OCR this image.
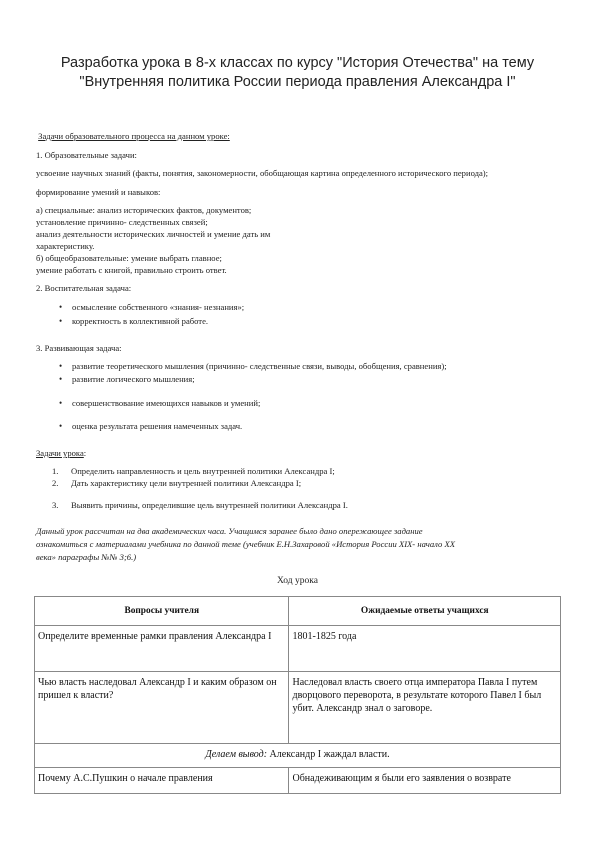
Разработка урока в 8-х классах по курсу "История Отечества" на тему
"Внутренняя политика России периода правления Александра I"
Задачи образовательного процесса на данном уроке:
1. Образовательные задачи:
усвоение научных знаний (факты, понятия, закономерности, обобщающая картина определенного исторического периода);
формирование умений и навыков:
а) специальные: анализ исторических фактов, документов;
установление причинно- следственных связей;
анализ деятельности исторических личностей и умение дать им
характеристику.
б) общеобразовательные: умение выбрать главное;
умение работать с книгой, правильно строить ответ.
2. Воспитательная задача:
• осмысление собственного «знания- незнания»;
• корректность в коллективной работе.
3. Развивающая задача:
• развитие теоретического мышления (причинно- следственные связи, выводы, обобщения, сравнения);
• развитие логического мышления;
• совершенствование имеющихся навыков и умений;
• оценка результата решения намеченных задач.
Задачи урока:
1. Определить направленность и цель внутренней политики Александра I;
2. Дать характеристику цели внутренней политики Александра I;
3. Выявить причины, определившие цель внутренней политики Александра I.
Данный урок рассчитан на два академических часа. Учащимся заранее было дано опережающее задание
ознакомиться с материалами учебника по данной теме (учебник Е.Н.Захаровой «История России XIX- начало XX
века» параграфы №№ 3;6.)
Ход урока
Вопросы учителя	Ожидаемые ответы учащихся
Определите временные рамки правления Александра I	1801-1825 года
Чью власть наследовал Александр I и каким образом он пришел к власти?	Наследовал власть своего отца императора Павла I путем дворцового переворота, в результате которого Павел I был убит. Александр знал о заговоре.
Делаем вывод: Александр I жаждал власти.	
Почему А.С.Пушкин о начале правления	Обнадеживающим я были его заявления о возврате
